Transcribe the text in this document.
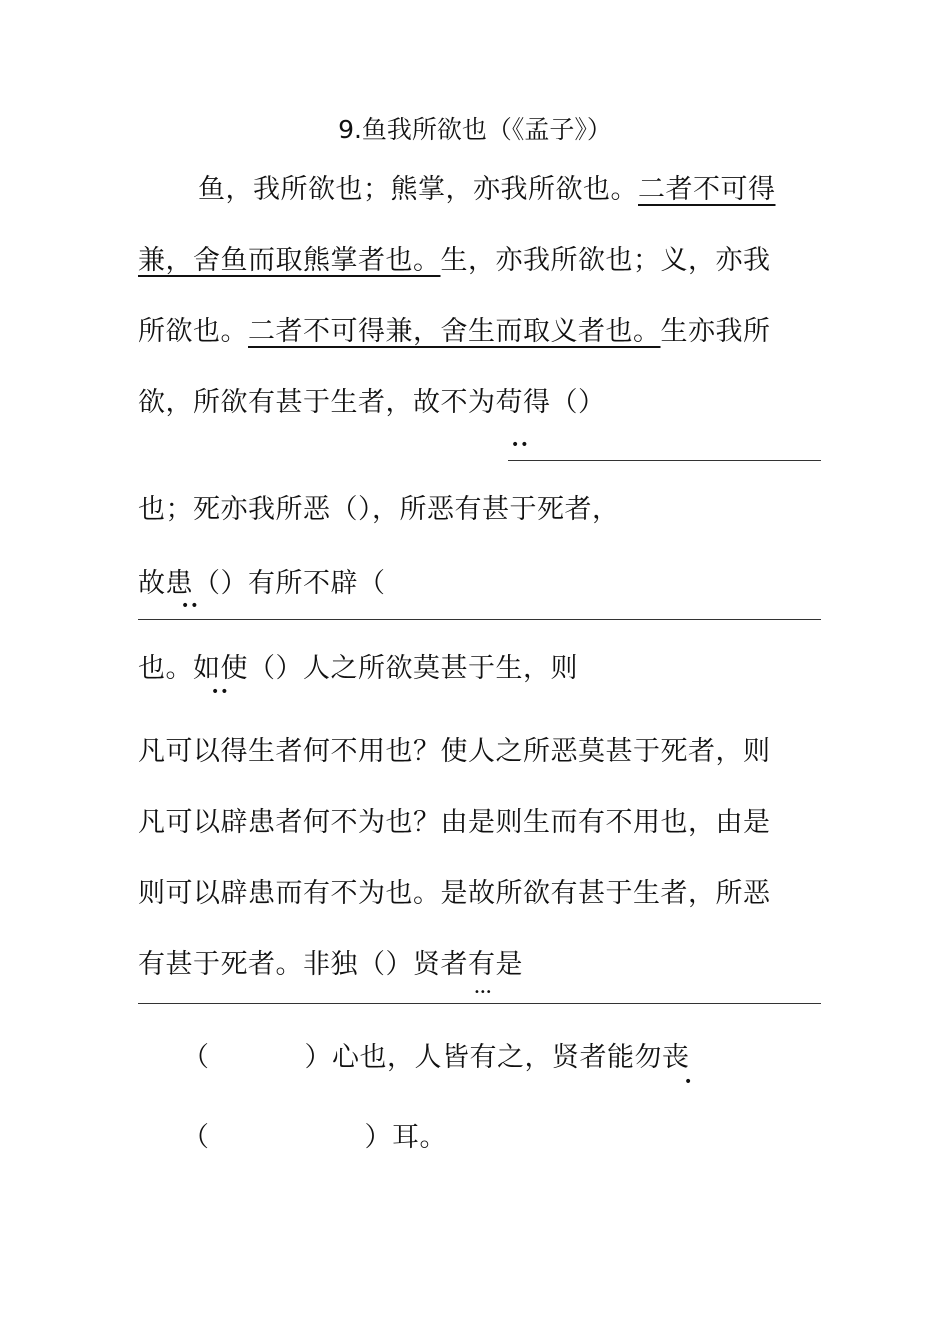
9.鱼我所欲也（《孟子》）
鱼，我所欲也；熊掌，亦我所欲也。二者不可得
兼，舍鱼而取熊掌者也。生，亦我所欲也；义，亦我
所欲也。二者不可得兼，舍生而取义者也。生亦我所
欲，所欲有甚于生者，故不为苟得（）
••
也；死亦我所恶（），所恶有甚于死者，
故患（）有所不辟（
••
也。如使（）人之所欲莫甚于生，则
••
凡可以得生者何不用也？使人之所恶莫甚于死者，则
凡可以辟患者何不为也？由是则生而有不用也，由是
则可以辟患而有不为也。是故所欲有甚于生者，所恶
有甚于死者。非独（）贤者有是
•••
（	）心也，人皆有之，贤者能勿丧
•
（	）耳。
